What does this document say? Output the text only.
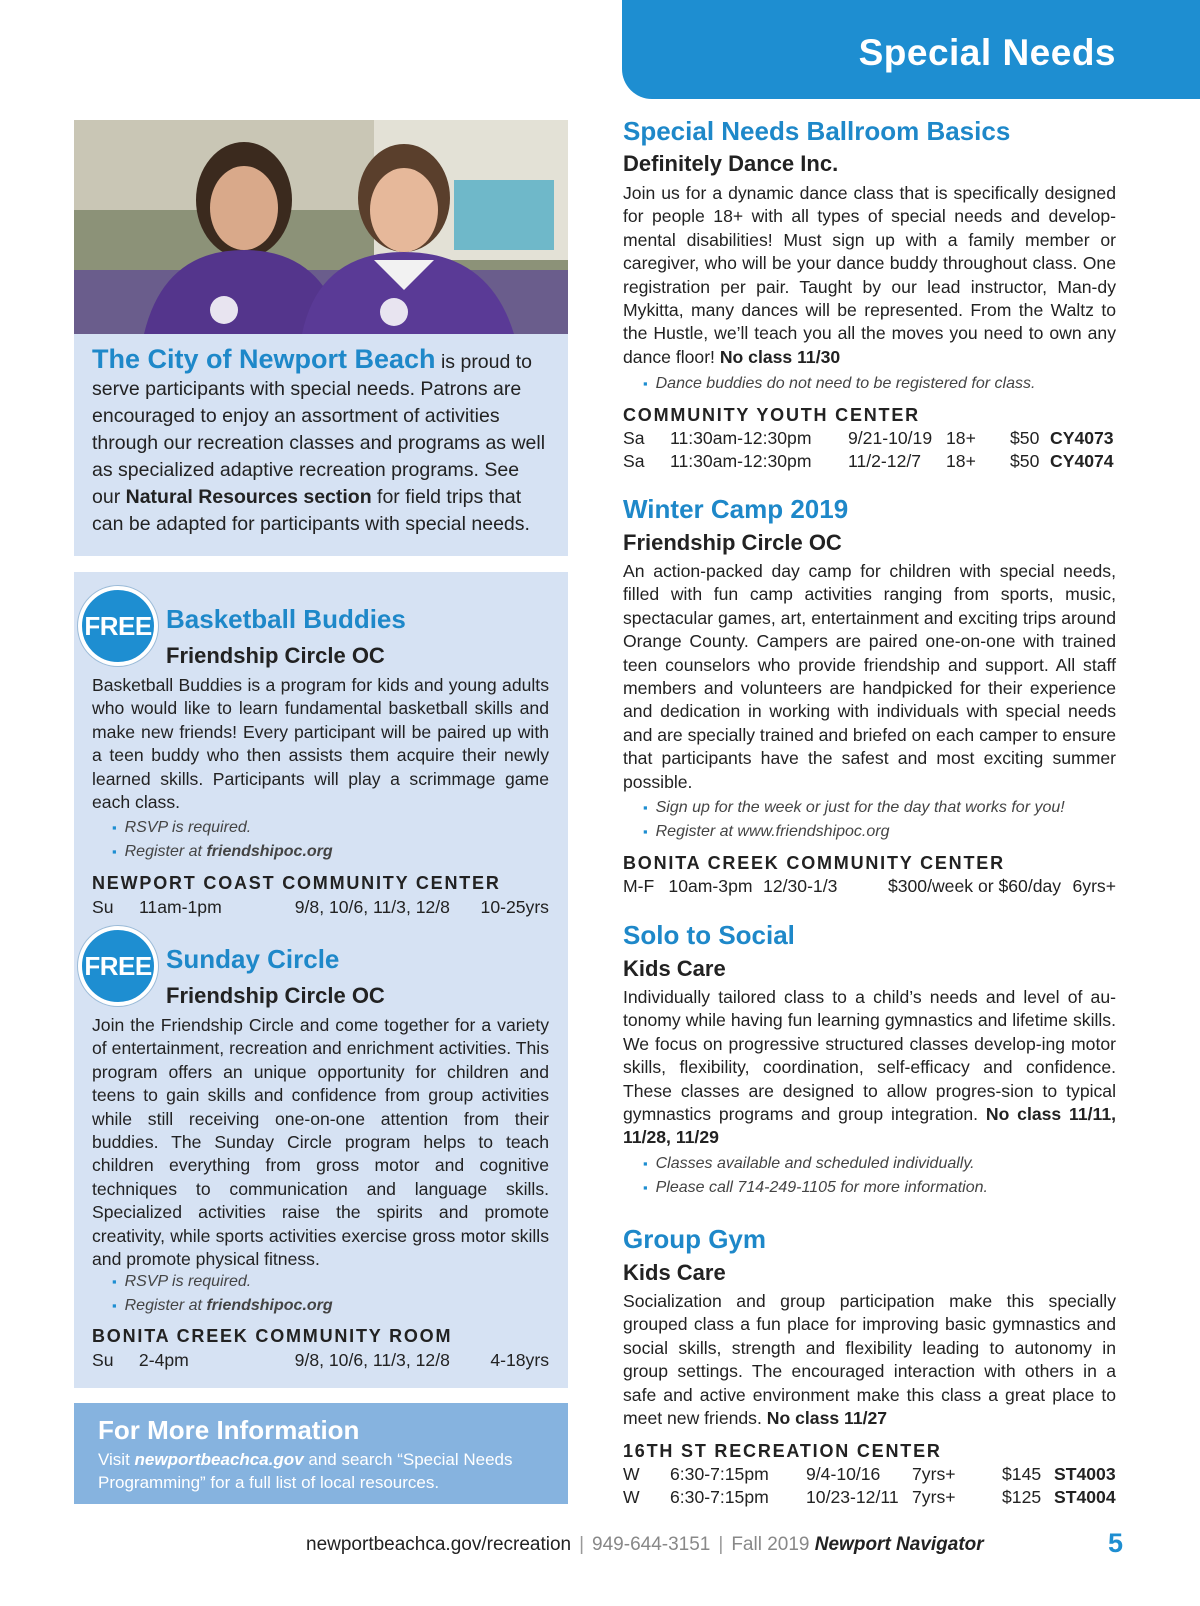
Special Needs

The City of Newport Beach is proud to serve participants with special needs. Patrons are encouraged to enjoy an assortment of activities through our recreation classes and programs as well as specialized adaptive recreation programs. See our Natural Resources section for field trips that can be adapted for participants with special needs.

FREE Basketball Buddies
Friendship Circle OC
Basketball Buddies is a program for kids and young adults who would like to learn fundamental basketball skills and make new friends! Every participant will be paired up with a teen buddy who then assists them acquire their newly learned skills. Participants will play a scrimmage game each class.
▪ RSVP is required.
▪ Register at friendshipoc.org
NEWPORT COAST COMMUNITY CENTER
Su	11am-1pm	9/8, 10/6, 11/3, 12/8	10-25yrs
FREE Sunday Circle
Friendship Circle OC
Join the Friendship Circle and come together for a variety of entertainment, recreation and enrichment activities. This program offers an unique opportunity for children and teens to gain skills and confidence from group activities while still receiving one-on-one attention from their buddies. The Sunday Circle program helps to teach children everything from gross motor and cognitive techniques to communication and language skills. Specialized activities raise the spirits and promote creativity, while sports activities exercise gross motor skills and promote physical fitness.
▪ RSVP is required.
▪ Register at friendshipoc.org
BONITA CREEK COMMUNITY ROOM
Su	2-4pm	9/8, 10/6, 11/3, 12/8	4-18yrs
For More Information
Visit newportbeachca.gov and search “Special Needs Programming” for a full list of local resources.
Special Needs Ballroom Basics
Definitely Dance Inc.
Join us for a dynamic dance class that is specifically designed for people 18+ with all types of special needs and develop-mental disabilities! Must sign up with a family member or caregiver, who will be your dance buddy throughout class. One registration per pair. Taught by our lead instructor, Man-dy Mykitta, many dances will be represented. From the Waltz to the Hustle, we’ll teach you all the moves you need to own any dance floor! No class 11/30
▪ Dance buddies do not need to be registered for class.
COMMUNITY YOUTH CENTER
Sa	11:30am-12:30pm	9/21-10/19 18+	$50 CY4073
Sa	11:30am-12:30pm	11/2-12/7	18+	$50 CY4074
Winter Camp 2019
Friendship Circle OC
An action-packed day camp for children with special needs, filled with fun camp activities ranging from sports, music, spectacular games, art, entertainment and exciting trips around Orange County. Campers are paired one-on-one with trained teen counselors who provide friendship and support. All staff members and volunteers are handpicked for their experience and dedication in working with individuals with special needs and are specially trained and briefed on each camper to ensure that participants have the safest and most exciting summer possible.
▪ Sign up for the week or just for the day that works for you!
▪ Register at www.friendshipoc.org
BONITA CREEK COMMUNITY CENTER
M-F 10am-3pm 12/30-1/3	$300/week or $60/day 6yrs+
Solo to Social
Kids Care
Individually tailored class to a child’s needs and level of au-tonomy while having fun learning gymnastics and lifetime skills. We focus on progressive structured classes develop-ing motor skills, flexibility, coordination, self-efficacy and confidence. These classes are designed to allow progres-sion to typical gymnastics programs and group integration. No class 11/11, 11/28, 11/29
▪ Classes available and scheduled individually.
▪ Please call 714-249-1105 for more information.
Group Gym
Kids Care
Socialization and group participation make this specially grouped class a fun place for improving basic gymnastics and social skills, strength and flexibility leading to autonomy in group settings. The encouraged interaction with others in a safe and active environment make this class a great place to meet new friends. No class 11/27
16TH ST RECREATION CENTER
W	6:30-7:15pm	9/4-10/16	7yrs+	$145 ST4003
W	6:30-7:15pm	10/23-12/11 7yrs+	$125 ST4004
newportbeachca.gov/recreation | 949-644-3151 | Fall 2019 Newport Navigator	5
